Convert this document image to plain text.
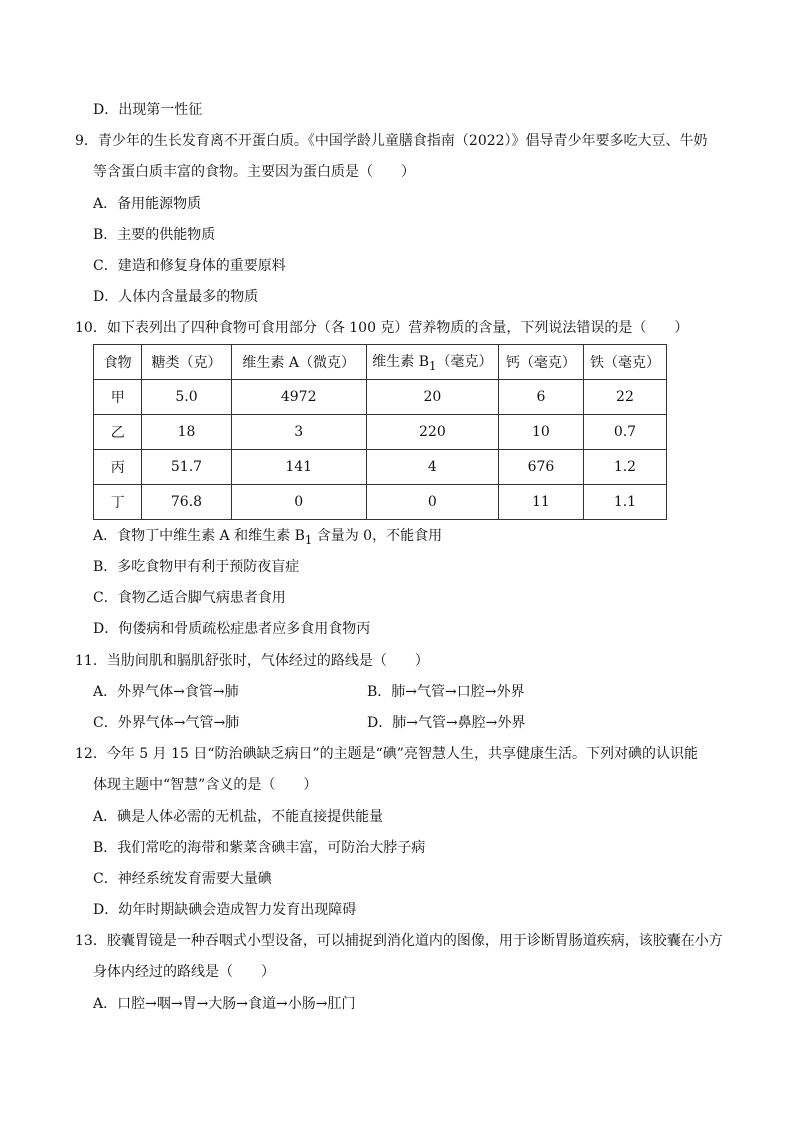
D．出现第一性征
9．青少年的生长发育离不开蛋白质。《中国学龄儿童膳食指南（2022）》倡导青少年要多吃大豆、牛奶
等含蛋白质丰富的食物。主要因为蛋白质是（　　）
A．备用能源物质
B．主要的供能物质
C．建造和修复身体的重要原料
D．人体内含量最多的物质
10．如下表列出了四种食物可食用部分（各 100 克）营养物质的含量，下列说法错误的是（　　）
食物	糖类（克）	维生素 A（微克）	维生素 $B_1$（毫克）	钙（毫克）	铁（毫克）
甲	5.0	4972	20	6	22
乙	18	3	220	10	0.7
丙	51.7	141	4	676	1.2
丁	76.8	0	0	11	1.1
A．食物丁中维生素 A 和维生素 $B_1$ 含量为 0，不能食用
B．多吃食物甲有利于预防夜盲症
C．食物乙适合脚气病患者食用
D．佝偻病和骨质疏松症患者应多食用食物丙
11．当肋间肌和膈肌舒张时，气体经过的路线是（　　）
A．外界气体→食管→肺	B．肺→气管→口腔→外界
C．外界气体→气管→肺	D．肺→气管→鼻腔→外界
12．今年 5 月 15 日“防治碘缺乏病日”的主题是“碘”亮智慧人生，共享健康生活。下列对碘的认识能
体现主题中“智慧”含义的是（　　）
A．碘是人体必需的无机盐，不能直接提供能量
B．我们常吃的海带和紫菜含碘丰富，可防治大脖子病
C．神经系统发育需要大量碘
D．幼年时期缺碘会造成智力发育出现障碍
13．胶囊胃镜是一种吞咽式小型设备，可以捕捉到消化道内的图像，用于诊断胃肠道疾病，该胶囊在小方
身体内经过的路线是（　　）
A．口腔→咽→胃→大肠→食道→小肠→肛门
